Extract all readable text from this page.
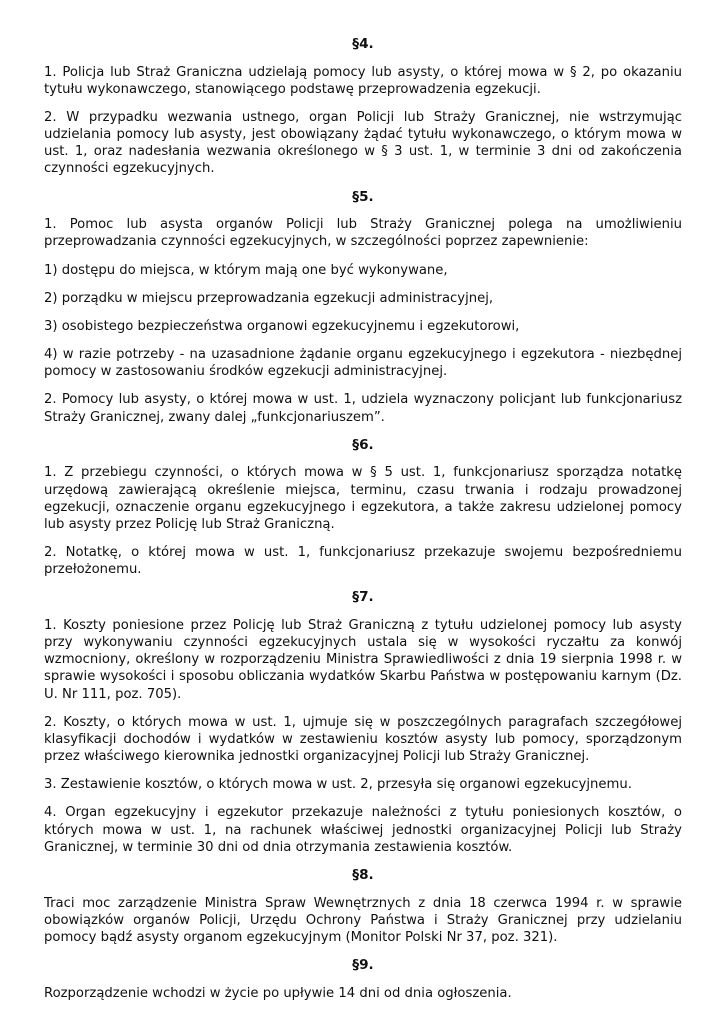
§4.

1. Policja lub Straż Graniczna udzielają pomocy lub asysty, o której mowa w § 2, po okazaniu tytułu wykonawczego, stanowiącego podstawę przeprowadzenia egzekucji.

2. W przypadku wezwania ustnego, organ Policji lub Straży Granicznej, nie wstrzymując udzielania pomocy lub asysty, jest obowiązany żądać tytułu wykonawczego, o którym mowa w ust. 1, oraz nadesłania wezwania określonego w § 3 ust. 1, w terminie 3 dni od zakończenia czynności egzekucyjnych.

§5.

1. Pomoc lub asysta organów Policji lub Straży Granicznej polega na umożliwieniu przeprowadzania czynności egzekucyjnych, w szczególności poprzez zapewnienie:

1) dostępu do miejsca, w którym mają one być wykonywane,

2) porządku w miejscu przeprowadzania egzekucji administracyjnej,

3) osobistego bezpieczeństwa organowi egzekucyjnemu i egzekutorowi,

4) w razie potrzeby - na uzasadnione żądanie organu egzekucyjnego i egzekutora - niezbędnej pomocy w zastosowaniu środków egzekucji administracyjnej.

2. Pomocy lub asysty, o której mowa w ust. 1, udziela wyznaczony policjant lub funkcjonariusz Straży Granicznej, zwany dalej „funkcjonariuszem”.

§6.

1. Z przebiegu czynności, o których mowa w § 5 ust. 1, funkcjonariusz sporządza notatkę urzędową zawierającą określenie miejsca, terminu, czasu trwania i rodzaju prowadzonej egzekucji, oznaczenie organu egzekucyjnego i egzekutora, a także zakresu udzielonej pomocy lub asysty przez Policję lub Straż Graniczną.

2. Notatkę, o której mowa w ust. 1, funkcjonariusz przekazuje swojemu bezpośredniemu przełożonemu.

§7.

1. Koszty poniesione przez Policję lub Straż Graniczną z tytułu udzielonej pomocy lub asysty przy wykonywaniu czynności egzekucyjnych ustala się w wysokości ryczałtu za konwój wzmocniony, określony w rozporządzeniu Ministra Sprawiedliwości z dnia 19 sierpnia 1998 r. w sprawie wysokości i sposobu obliczania wydatków Skarbu Państwa w postępowaniu karnym (Dz. U. Nr 111, poz. 705).

2. Koszty, o których mowa w ust. 1, ujmuje się w poszczególnych paragrafach szczegółowej klasyfikacji dochodów i wydatków w zestawieniu kosztów asysty lub pomocy, sporządzonym przez właściwego kierownika jednostki organizacyjnej Policji lub Straży Granicznej.

3. Zestawienie kosztów, o których mowa w ust. 2, przesyła się organowi egzekucyjnemu.

4. Organ egzekucyjny i egzekutor przekazuje należności z tytułu poniesionych kosztów, o których mowa w ust. 1, na rachunek właściwej jednostki organizacyjnej Policji lub Straży Granicznej, w terminie 30 dni od dnia otrzymania zestawienia kosztów.

§8.

Traci moc zarządzenie Ministra Spraw Wewnętrznych z dnia 18 czerwca 1994 r. w sprawie obowiązków organów Policji, Urzędu Ochrony Państwa i Straży Granicznej przy udzielaniu pomocy bądź asysty organom egzekucyjnym (Monitor Polski Nr 37, poz. 321).

§9.

Rozporządzenie wchodzi w życie po upływie 14 dni od dnia ogłoszenia.
